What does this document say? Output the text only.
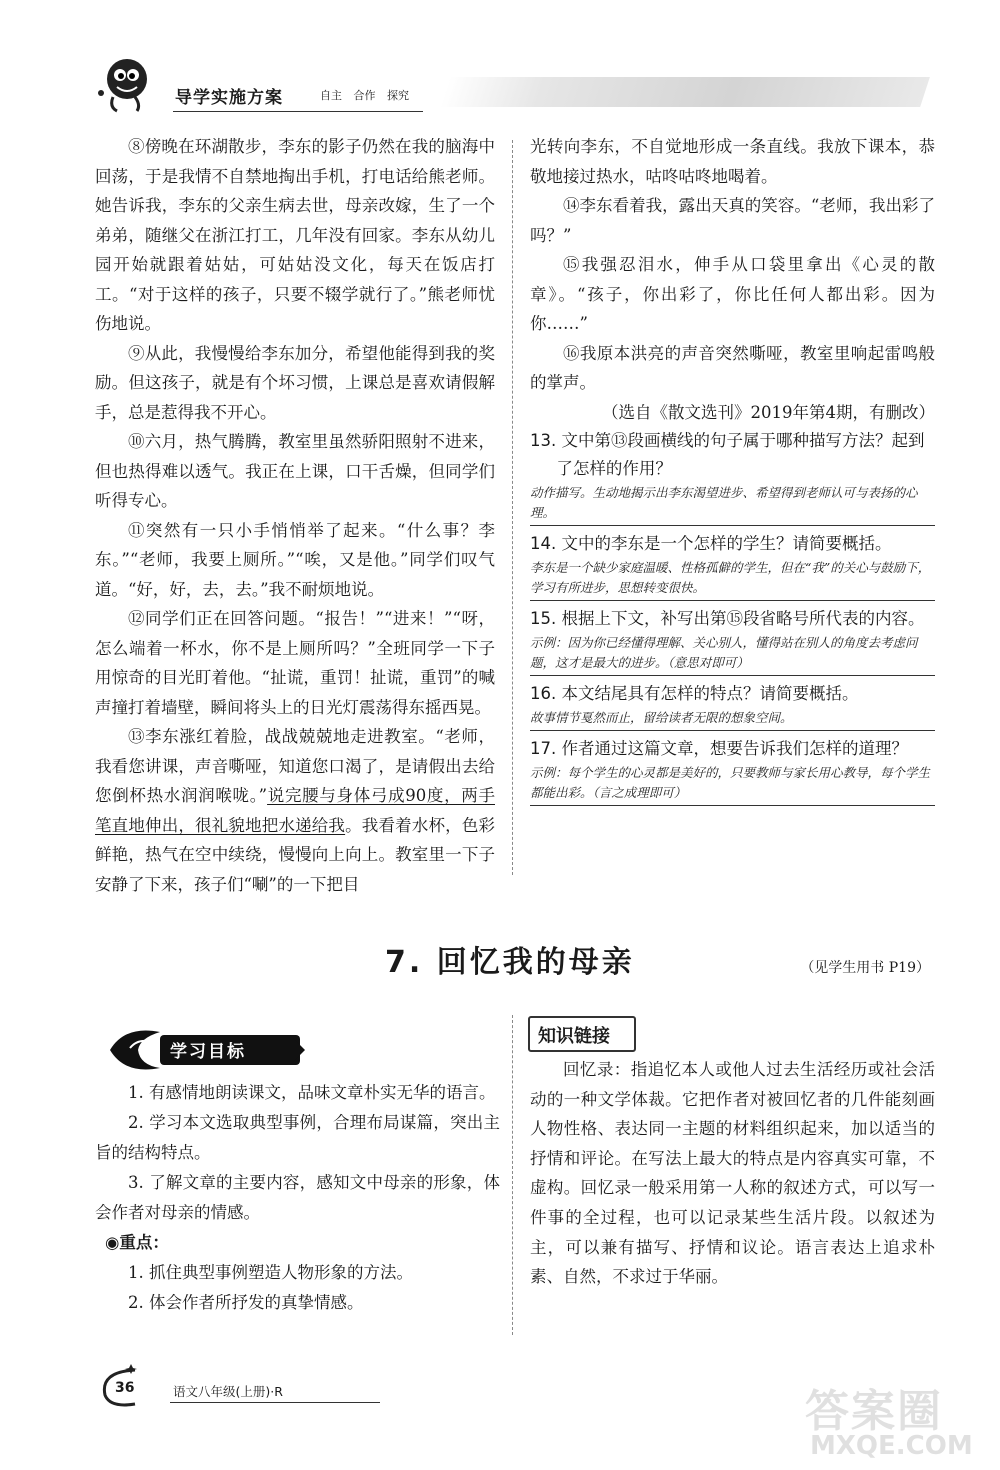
导学实施方案	自主 合作 探究

⑧傍晚在环湖散步，李东的影子仍然在我的脑海中回荡，于是我情不自禁地掏出手机，打电话给熊老师。她告诉我，李东的父亲生病去世，母亲改嫁，生了一个弟弟，随继父在浙江打工，几年没有回家。李东从幼儿园开始就跟着姑姑，可姑姑没文化，每天在饭店打工。“对于这样的孩子，只要不辍学就行了。”熊老师忧伤地说。

⑨从此，我慢慢给李东加分，希望他能得到我的奖励。但这孩子，就是有个坏习惯，上课总是喜欢请假解手，总是惹得我不开心。

⑩六月，热气腾腾，教室里虽然骄阳照射不进来，但也热得难以透气。我正在上课，口干舌燥，但同学们听得专心。

⑪突然有一只小手悄悄举了起来。“什么事？李东。”“老师，我要上厕所。”“唉，又是他。”同学们叹气道。“好，好，去，去。”我不耐烦地说。

⑫同学们正在回答问题。“报告！”“进来！”“呀，怎么端着一杯水，你不是上厕所吗？”全班同学一下子用惊奇的目光盯着他。“扯谎，重罚！扯谎，重罚”的喊声撞打着墙壁，瞬间将头上的日光灯震荡得东摇西晃。

⑬李东涨红着脸，战战兢兢地走进教室。“老师，我看您讲课，声音嘶哑，知道您口渴了，是请假出去给您倒杯热水润润喉咙。”说完腰与身体弓成90度，两手笔直地伸出，很礼貌地把水递给我。我看着水杯，色彩鲜艳，热气在空中续绕，慢慢向上向上。教室里一下子安静了下来，孩子们“唰”的一下把目

光转向李东，不自觉地形成一条直线。我放下课本，恭敬地接过热水，咕咚咕咚地喝着。

⑭李东看着我，露出天真的笑容。“老师，我出彩了吗？”

⑮我强忍泪水，伸手从口袋里拿出《心灵的散章》。“孩子，你出彩了，你比任何人都出彩。因为你……”

⑯我原本洪亮的声音突然嘶哑，教室里响起雷鸣般的掌声。

（选自《散文选刊》2019年第4期，有删改）

13. 文中第⑬段画横线的句子属于哪种描写方法？起到了怎样的作用？

动作描写。生动地揭示出李东渴望进步、希望得到老师认可与表扬的心理。

14. 文中的李东是一个怎样的学生？请简要概括。

李东是一个缺少家庭温暖、性格孤僻的学生，但在“我”的关心与鼓励下，学习有所进步，思想转变很快。

15. 根据上下文，补写出第⑮段省略号所代表的内容。

示例：因为你已经懂得理解、关心别人，懂得站在别人的角度去考虑问题，这才是最大的进步。（意思对即可）

16. 本文结尾具有怎样的特点？请简要概括。

故事情节戛然而止，留给读者无限的想象空间。

17. 作者通过这篇文章，想要告诉我们怎样的道理？

示例：每个学生的心灵都是美好的，只要教师与家长用心教导，每个学生都能出彩。（言之成理即可）

7. 回忆我的母亲	（见学生用书 P19）
学习目标

1. 有感情地朗读课文，品味文章朴实无华的语言。

2. 学习本文选取典型事例，合理布局谋篇，突出主旨的结构特点。

3. 了解文章的主要内容，感知文中母亲的形象，体会作者对母亲的情感。

◉重点：

1. 抓住典型事例塑造人物形象的方法。

2. 体会作者所抒发的真挚情感。

知识链接

回忆录：指追忆本人或他人过去生活经历或社会活动的一种文学体裁。它把作者对被回忆者的几件能刻画人物性格、表达同一主题的材料组织起来，加以适当的抒情和评论。在写法上最大的特点是内容真实可靠，不虚构。回忆录一般采用第一人称的叙述方式，可以写一件事的全过程，也可以记录某些生活片段。以叙述为主，可以兼有描写、抒情和议论。语言表达上追求朴素、自然，不求过于华丽。

36	语文八年级(上册)·R	答案圈
MXQE.COM
